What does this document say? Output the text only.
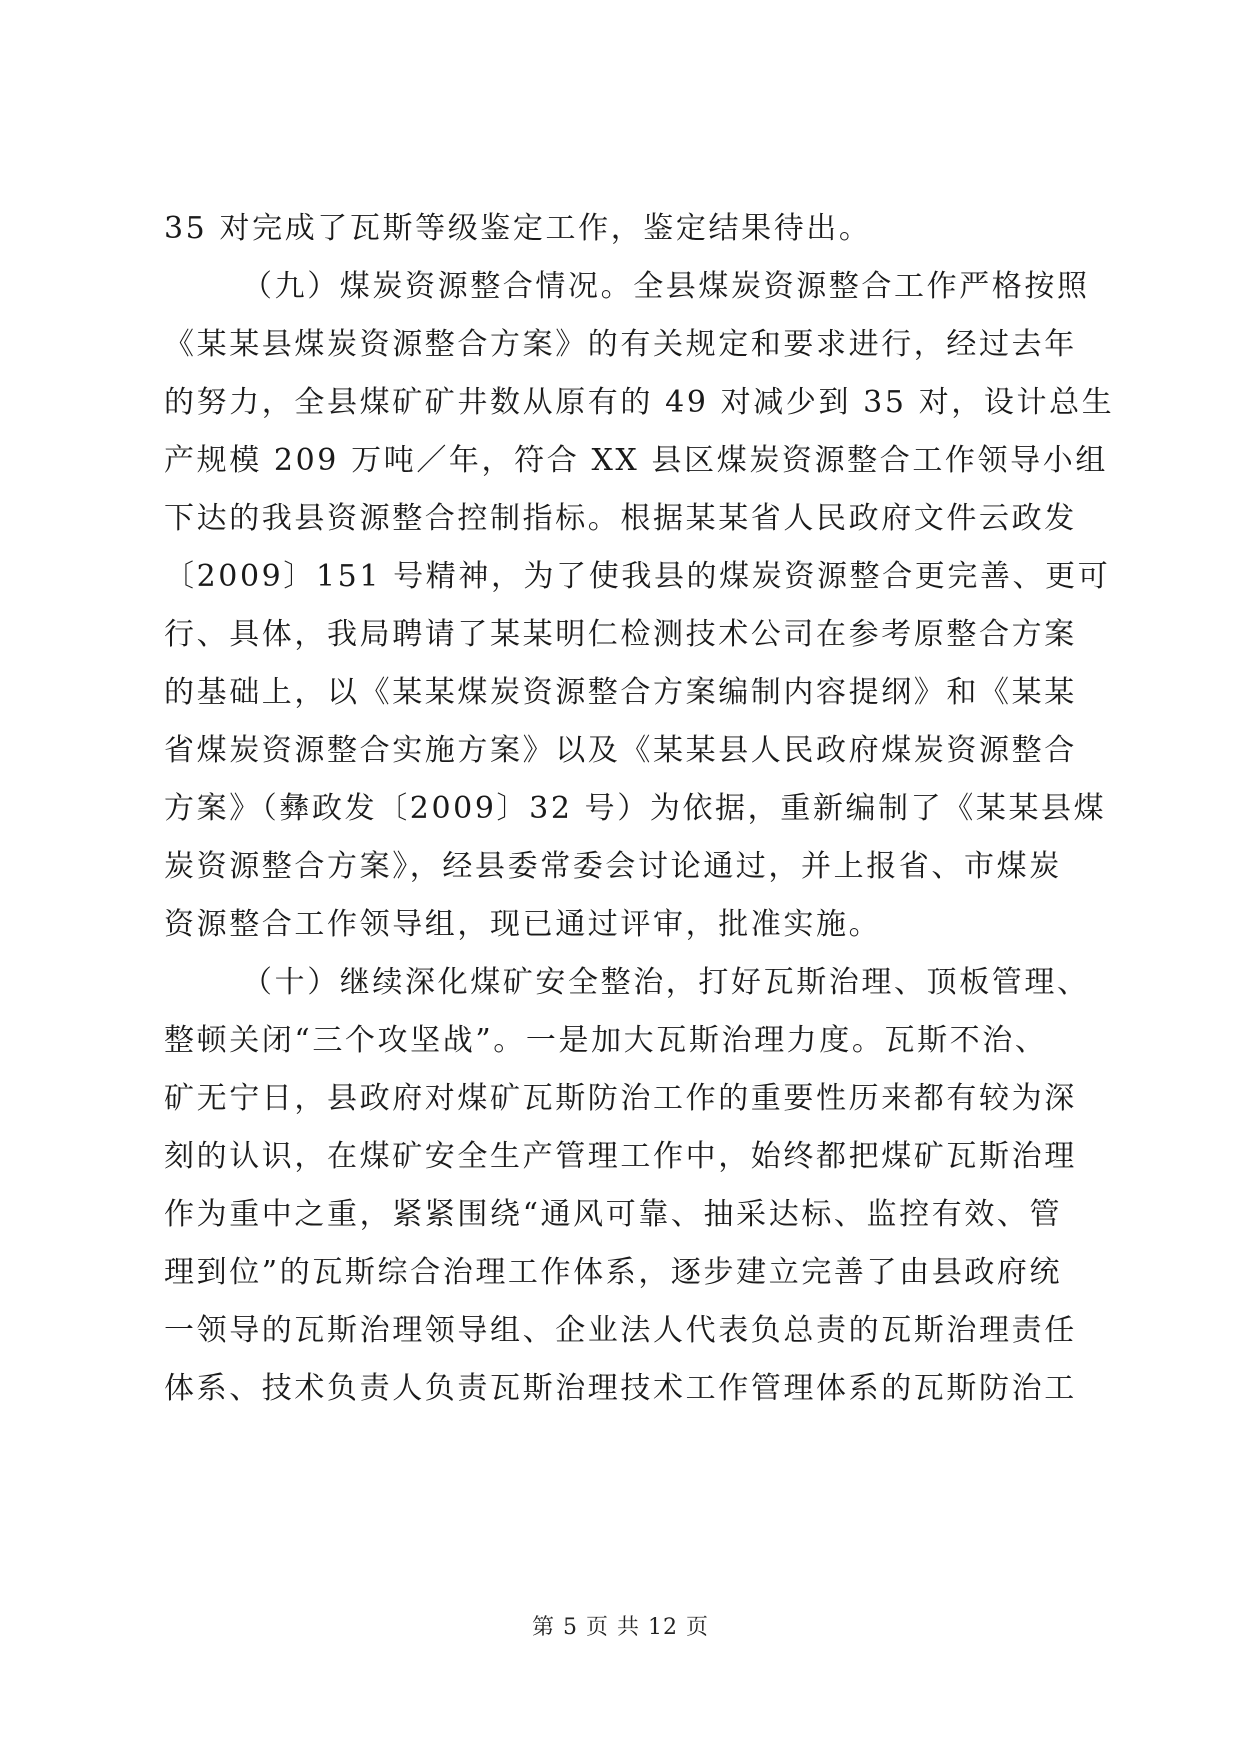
35 对完成了瓦斯等级鉴定工作，鉴定结果待出。
（九）煤炭资源整合情况。全县煤炭资源整合工作严格按照
《某某县煤炭资源整合方案》的有关规定和要求进行，经过去年
的努力，全县煤矿矿井数从原有的 49 对减少到 35 对，设计总生
产规模 209 万吨／年，符合 XX 县区煤炭资源整合工作领导小组
下达的我县资源整合控制指标。根据某某省人民政府文件云政发
〔2009〕151 号精神，为了使我县的煤炭资源整合更完善、更可
行、具体，我局聘请了某某明仁检测技术公司在参考原整合方案
的基础上，以《某某煤炭资源整合方案编制内容提纲》和《某某
省煤炭资源整合实施方案》以及《某某县人民政府煤炭资源整合
方案》（彝政发〔2009〕32 号）为依据，重新编制了《某某县煤
炭资源整合方案》，经县委常委会讨论通过，并上报省、市煤炭
资源整合工作领导组，现已通过评审，批准实施。
（十）继续深化煤矿安全整治，打好瓦斯治理、顶板管理、
整顿关闭“三个攻坚战”。一是加大瓦斯治理力度。瓦斯不治、
矿无宁日，县政府对煤矿瓦斯防治工作的重要性历来都有较为深
刻的认识，在煤矿安全生产管理工作中，始终都把煤矿瓦斯治理
作为重中之重，紧紧围绕“通风可靠、抽采达标、监控有效、管
理到位”的瓦斯综合治理工作体系，逐步建立完善了由县政府统
一领导的瓦斯治理领导组、企业法人代表负总责的瓦斯治理责任
体系、技术负责人负责瓦斯治理技术工作管理体系的瓦斯防治工
第 5 页 共 12 页
